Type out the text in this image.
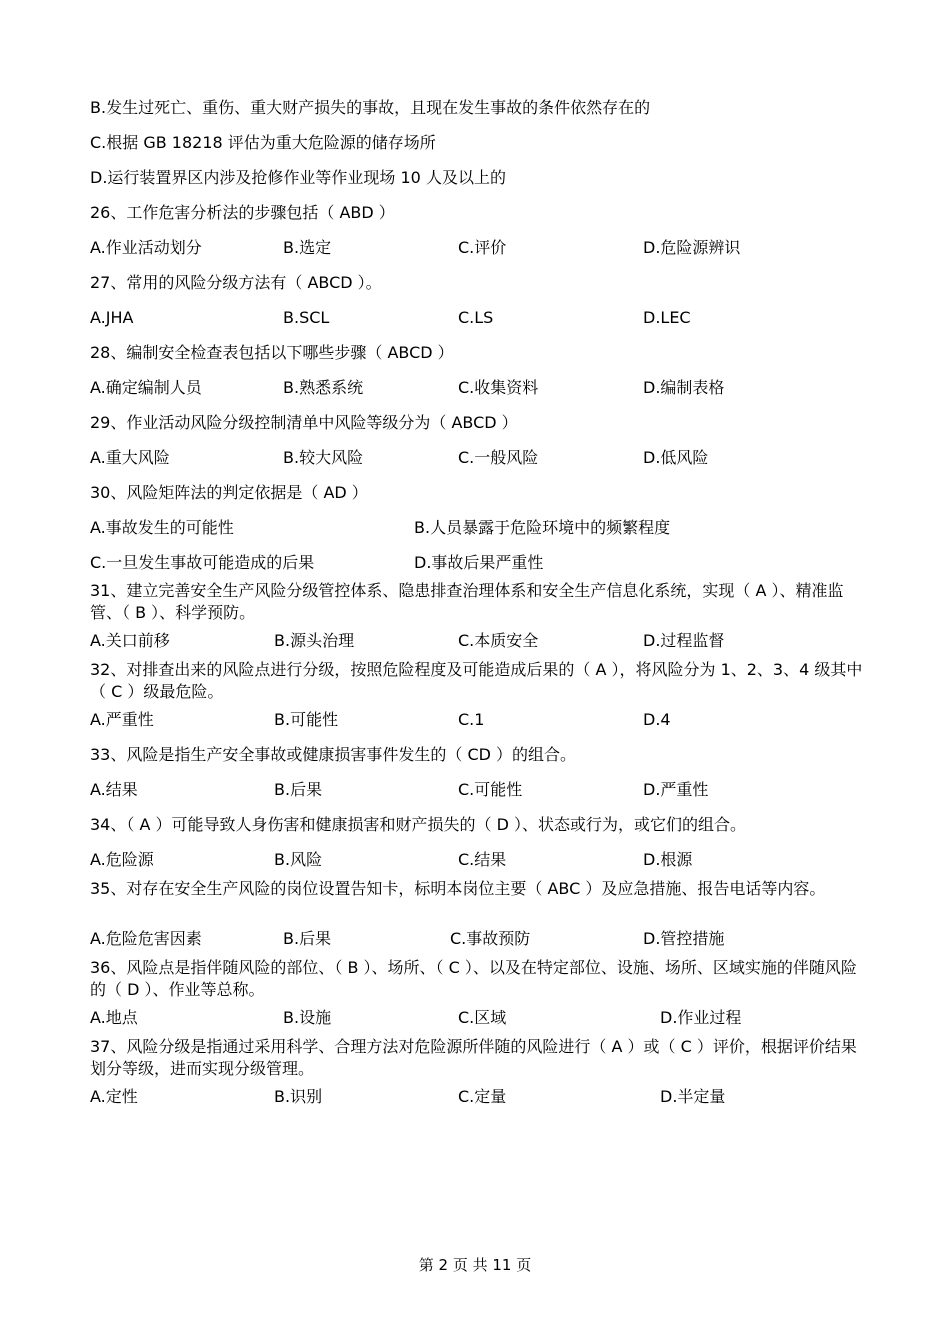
B.发生过死亡、重伤、重大财产损失的事故，且现在发生事故的条件依然存在的
C.根据 GB 18218 评估为重大危险源的储存场所
D.运行装置界区内涉及抢修作业等作业现场 10 人及以上的
26、工作危害分析法的步骤包括（ ABD ）
A.作业活动划分	B.选定	C.评价	D.危险源辨识
27、常用的风险分级方法有（ ABCD ）。
A.JHA	B.SCL	C.LS	D.LEC
28、编制安全检查表包括以下哪些步骤（ ABCD ）
A.确定编制人员	B.熟悉系统	C.收集资料	D.编制表格
29、作业活动风险分级控制清单中风险等级分为（ ABCD ）
A.重大风险	B.较大风险	C.一般风险	D.低风险
30、风险矩阵法的判定依据是（ AD ）
A.事故发生的可能性	B.人员暴露于危险环境中的频繁程度
C.一旦发生事故可能造成的后果	D.事故后果严重性
31、建立完善安全生产风险分级管控体系、隐患排查治理体系和安全生产信息化系统，实现（ A ）、精准监管、（ B ）、科学预防。
A.关口前移	B.源头治理	C.本质安全	D.过程监督
32、对排查出来的风险点进行分级，按照危险程度及可能造成后果的（ A ），将风险分为 1、2、3、4 级其中（ C ）级最危险。
A.严重性	B.可能性	C.1	D.4
33、风险是指生产安全事故或健康损害事件发生的（ CD ）的组合。
A.结果	B.后果	C.可能性	D.严重性
34、（ A ）可能导致人身伤害和健康损害和财产损失的（ D ）、状态或行为，或它们的组合。
A.危险源	B.风险	C.结果	D.根源
35、对存在安全生产风险的岗位设置告知卡，标明本岗位主要（ ABC ）及应急措施、报告电话等内容。
A.危险危害因素	B.后果	C.事故预防	D.管控措施
36、风险点是指伴随风险的部位、（ B ）、场所、（ C ）、以及在特定部位、设施、场所、区域实施的伴随风险的（ D ）、作业等总称。
A.地点	B.设施	C.区域	D.作业过程
37、风险分级是指通过采用科学、合理方法对危险源所伴随的风险进行（ A ）或（ C ）评价，根据评价结果划分等级，进而实现分级管理。
A.定性	B.识别	C.定量	D.半定量
第 2 页 共 11 页
